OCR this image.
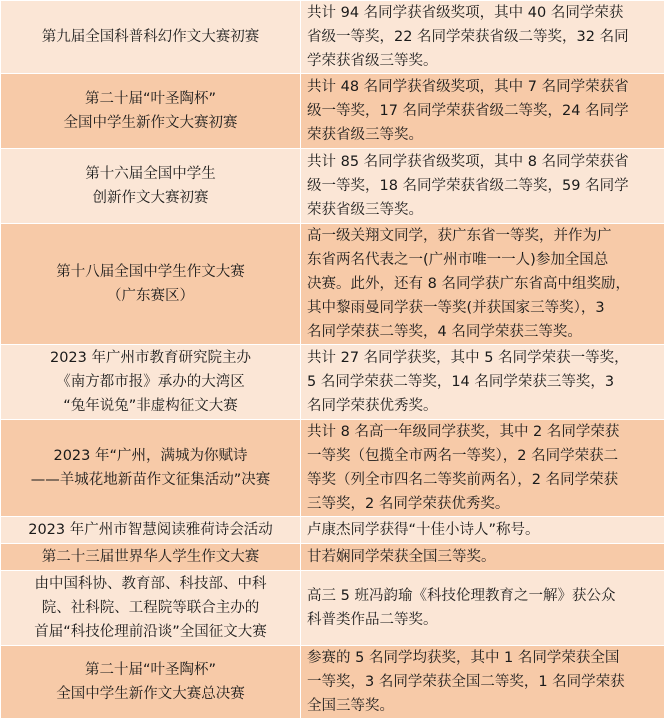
第九届全国科普科幻作文大赛初赛	共计 94 名同学获省级奖项，其中 40 名同学荣获
省级一等奖，22 名同学荣获省级二等奖，32 名同
学荣获省级三等奖。

第二十届“叶圣陶杯”
全国中学生新作文大赛初赛	共计 48 名同学获省级奖项，其中 7 名同学荣获省
级一等奖，17 名同学荣获省级二等奖，24 名同学
荣获省级三等奖。

第十六届全国中学生
创新作文大赛初赛	共计 85 名同学获省级奖项，其中 8 名同学荣获省
级一等奖，18 名同学荣获省级二等奖，59 名同学
荣获省级三等奖。

第十八届全国中学生作文大赛
（广东赛区）	高一级关翔文同学，获广东省一等奖，并作为广
东省两名代表之一(广州市唯一一人)参加全国总
决赛。此外，还有 8 名同学获广东省高中组奖励，
其中黎雨曼同学获一等奖(并获国家三等奖），3
名同学荣获二等奖，4 名同学荣获三等奖。

2023 年广州市教育研究院主办
《南方都市报》承办的大湾区
“兔年说兔”非虚构征文大赛	共计 27 名同学获奖，其中 5 名同学荣获一等奖，
5 名同学荣获二等奖，14 名同学荣获三等奖，3
名同学荣获优秀奖。

2023 年“广州，满城为你赋诗
——羊城花地新苗作文征集活动”决赛	共计 8 名高一年级同学获奖，其中 2 名同学荣获
一等奖（包揽全市两名一等奖），2 名同学荣获二
等奖（列全市四名二等奖前两名），2 名同学荣获
三等奖，2 名同学荣获优秀奖。

2023 年广州市智慧阅读雅荷诗会活动	卢康杰同学获得“十佳小诗人”称号。

第二十三届世界华人学生作文大赛	甘若娴同学荣获全国三等奖。

由中国科协、教育部、科技部、中科
院、社科院、工程院等联合主办的
首届“科技伦理前沿谈”全国征文大赛	高三 5 班冯韵瑜《科技伦理教育之一解》获公众
科普类作品二等奖。

第二十届“叶圣陶杯”
全国中学生新作文大赛总决赛	参赛的 5 名同学均获奖，其中 1 名同学荣获全国
一等奖，3 名同学荣获全国二等奖，1 名同学荣获
全国三等奖。
